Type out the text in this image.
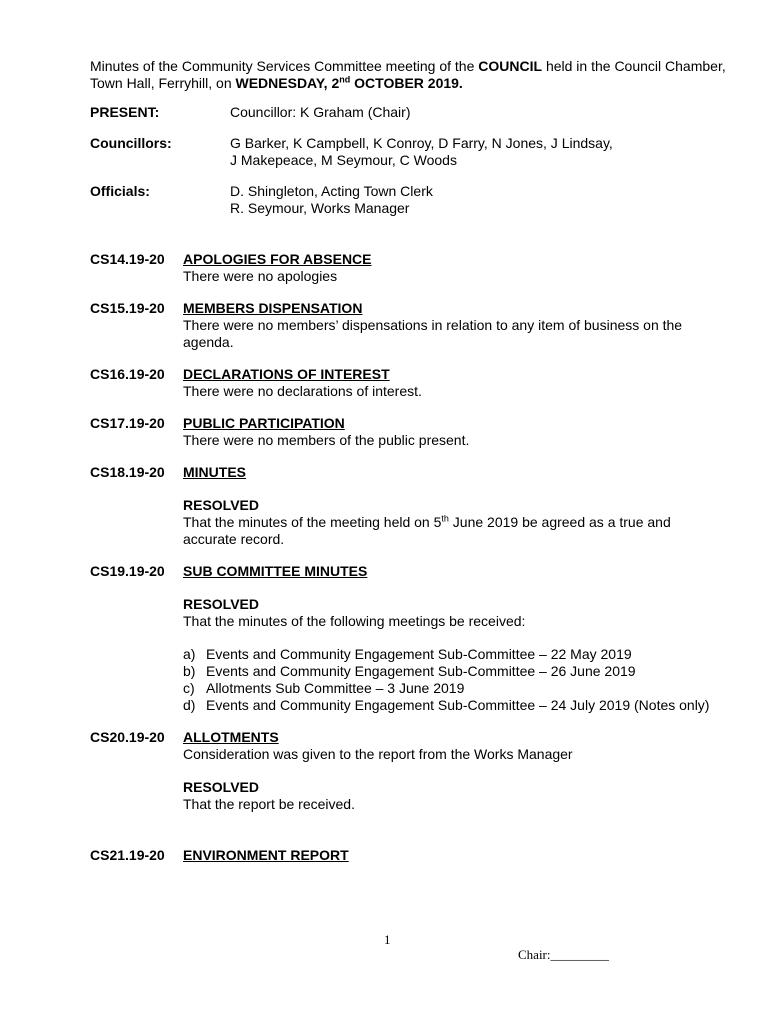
Minutes of the Community Services Committee meeting of the COUNCIL held in the Council Chamber, Town Hall, Ferryhill, on WEDNESDAY, 2nd OCTOBER 2019.

PRESENT:	Councillor: K Graham (Chair)
Councillors:	G Barker, K Campbell, K Conroy, D Farry, N Jones, J Lindsay,
J Makepeace, M Seymour, C Woods
Officials:	D. Shingleton, Acting Town Clerk
R. Seymour, Works Manager
CS14.19-20	APOLOGIES FOR ABSENCE
There were no apologies
CS15.19-20	MEMBERS DISPENSATION
There were no members’ dispensations in relation to any item of business on the agenda.
CS16.19-20	DECLARATIONS OF INTEREST
There were no declarations of interest.
CS17.19-20	PUBLIC PARTICIPATION
There were no members of the public present.
CS18.19-20	MINUTES
RESOLVED
That the minutes of the meeting held on 5th June 2019 be agreed as a true and accurate record.
CS19.19-20	SUB COMMITTEE MINUTES
RESOLVED
That the minutes of the following meetings be received:
a) Events and Community Engagement Sub-Committee – 22 May 2019
b) Events and Community Engagement Sub-Committee – 26 June 2019
c) Allotments Sub Committee – 3 June 2019
d) Events and Community Engagement Sub-Committee – 24 July 2019 (Notes only)
CS20.19-20	ALLOTMENTS
Consideration was given to the report from the Works Manager
RESOLVED
That the report be received.
CS21.19-20	ENVIRONMENT REPORT
1
Chair:_________
